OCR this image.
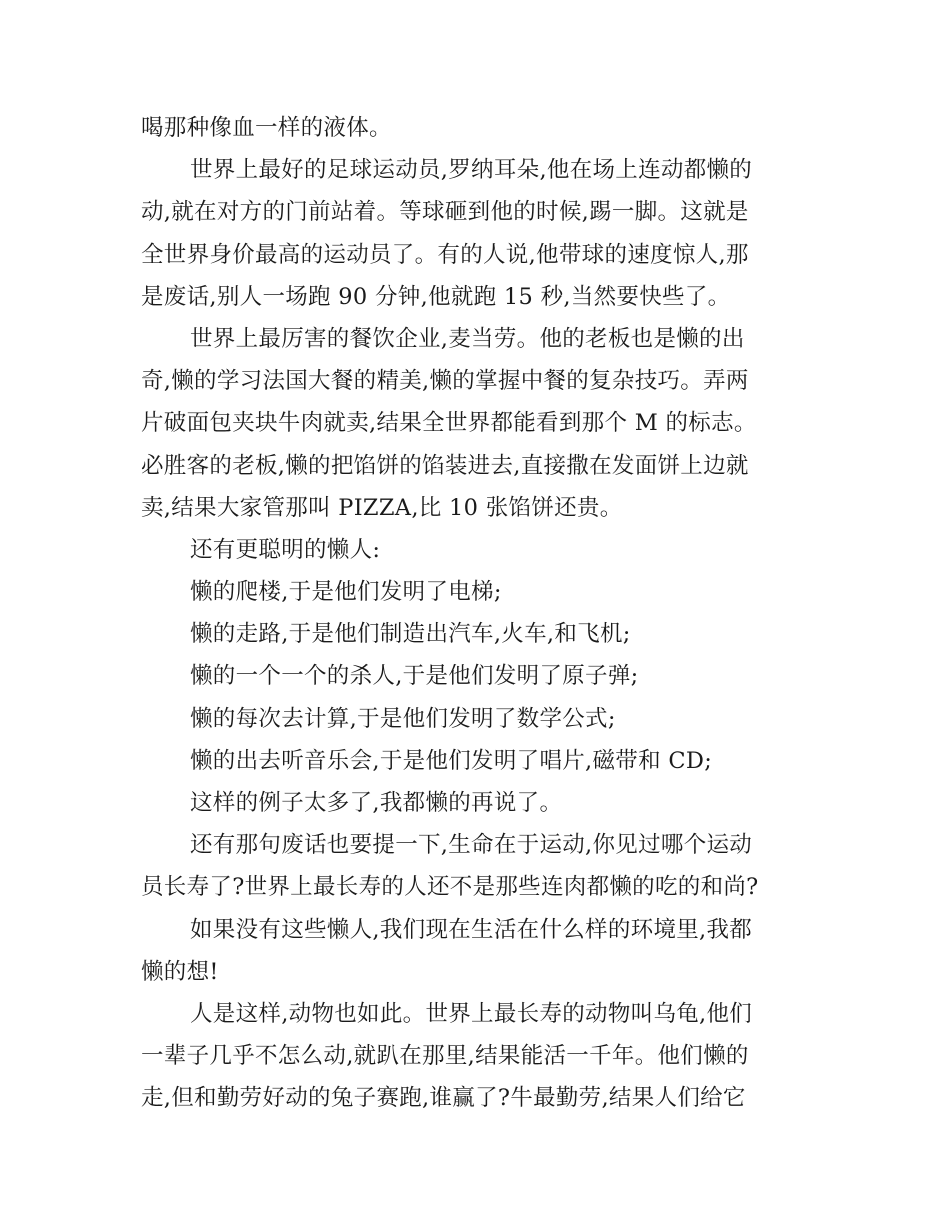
喝那种像血一样的液体。
世界上最好的足球运动员,罗纳耳朵,他在场上连动都懒的
动,就在对方的门前站着。等球砸到他的时候,踢一脚。这就是
全世界身价最高的运动员了。有的人说,他带球的速度惊人,那
是废话,别人一场跑 90 分钟,他就跑 15 秒,当然要快些了。
世界上最厉害的餐饮企业,麦当劳。他的老板也是懒的出
奇,懒的学习法国大餐的精美,懒的掌握中餐的复杂技巧。弄两
片破面包夹块牛肉就卖,结果全世界都能看到那个 M 的标志。
必胜客的老板,懒的把馅饼的馅装进去,直接撒在发面饼上边就
卖,结果大家管那叫 PIZZA,比 10 张馅饼还贵。
还有更聪明的懒人:
懒的爬楼,于是他们发明了电梯;
懒的走路,于是他们制造出汽车,火车,和飞机;
懒的一个一个的杀人,于是他们发明了原子弹;
懒的每次去计算,于是他们发明了数学公式;
懒的出去听音乐会,于是他们发明了唱片,磁带和 CD;
这样的例子太多了,我都懒的再说了。
还有那句废话也要提一下,生命在于运动,你见过哪个运动
员长寿了?世界上最长寿的人还不是那些连肉都懒的吃的和尚?
如果没有这些懒人,我们现在生活在什么样的环境里,我都
懒的想!
人是这样,动物也如此。世界上最长寿的动物叫乌龟,他们
一辈子几乎不怎么动,就趴在那里,结果能活一千年。他们懒的
走,但和勤劳好动的兔子赛跑,谁赢了?牛最勤劳,结果人们给它
